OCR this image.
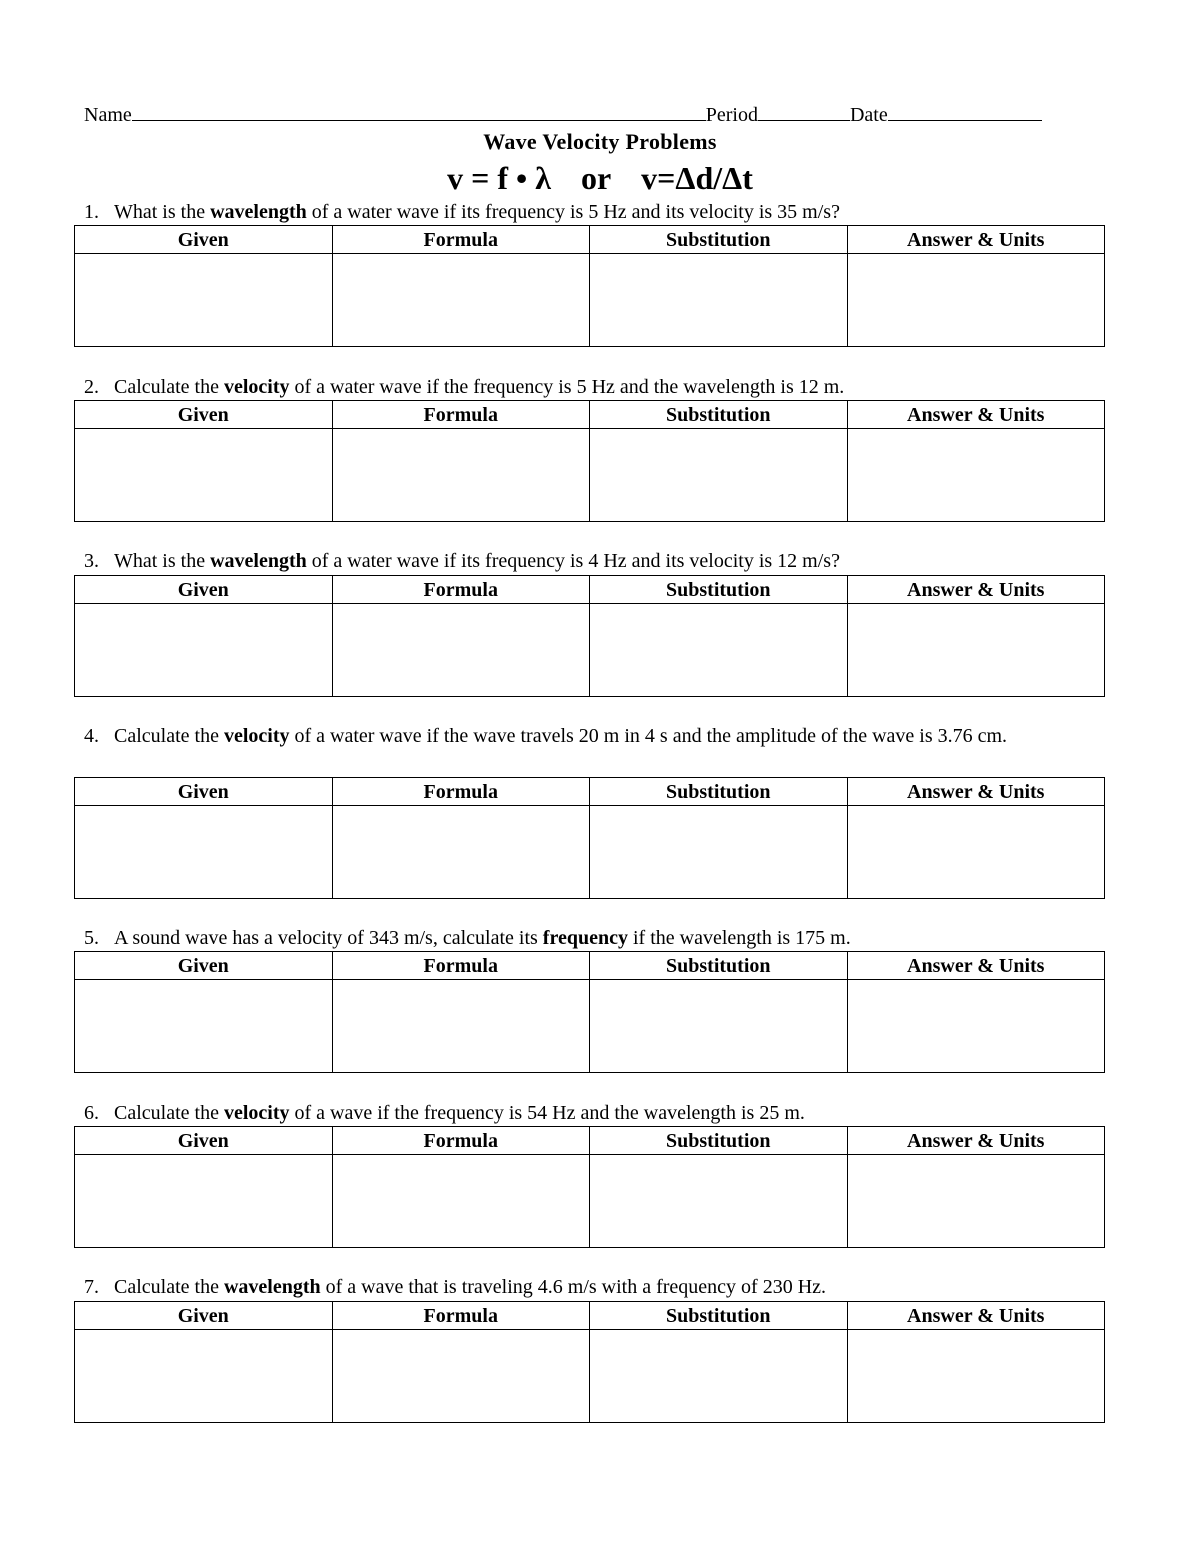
Name	Period	Date
Wave Velocity Problems
v = f • λ or v=Δd/Δt
1. What is the wavelength of a water wave if its frequency is 5 Hz and its velocity is 35 m/s?
Given	Formula	Substitution	Answer & Units

2. Calculate the velocity of a water wave if the frequency is 5 Hz and the wavelength is 12 m.
Given	Formula	Substitution	Answer & Units

3. What is the wavelength of a water wave if its frequency is 4 Hz and its velocity is 12 m/s?
Given	Formula	Substitution	Answer & Units

4. Calculate the velocity of a water wave if the wave travels 20 m in 4 s and the amplitude of the wave is 3.76 cm.
Given	Formula	Substitution	Answer & Units

5. A sound wave has a velocity of 343 m/s, calculate its frequency if the wavelength is 175 m.
Given	Formula	Substitution	Answer & Units

6. Calculate the velocity of a wave if the frequency is 54 Hz and the wavelength is 25 m.
Given	Formula	Substitution	Answer & Units

7. Calculate the wavelength of a wave that is traveling 4.6 m/s with a frequency of 230 Hz.
Given	Formula	Substitution	Answer & Units
